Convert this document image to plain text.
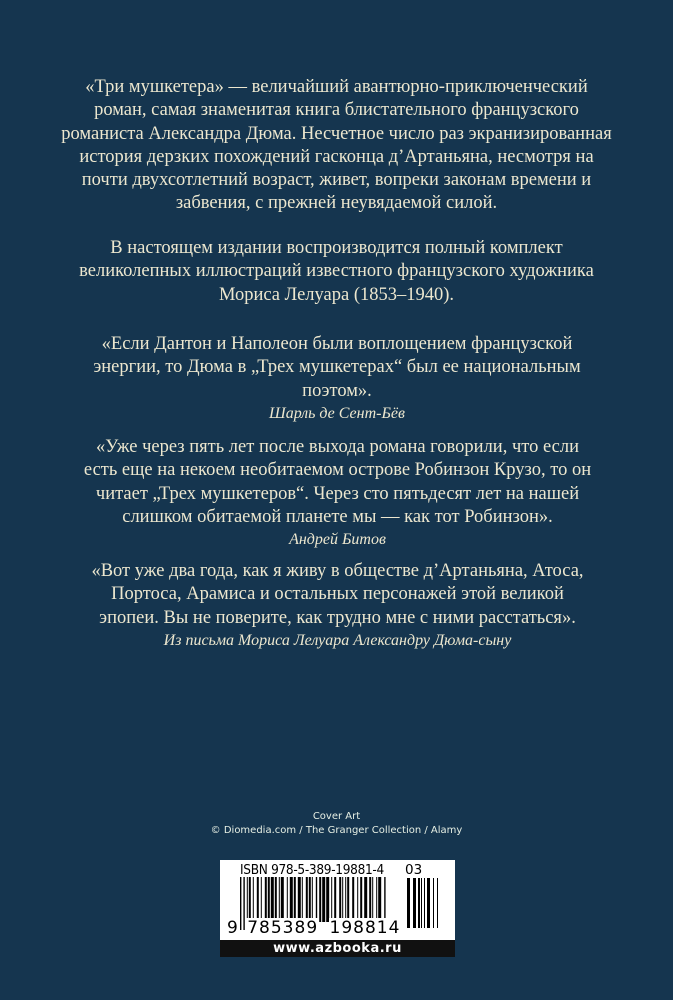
«Три мушкетера» — величайший авантюрно-приключенческий роман, самая знаменитая книга блистательного французского романиста Александра Дюма. Несчетное число раз экранизированная история дерзких похождений гасконца д’Артаньяна, несмотря на почти двухсотлетний возраст, живет, вопреки законам времени и забвения, с прежней неувядаемой силой.

В настоящем издании воспроизводится полный комплект великолепных иллюстраций известного французского художника Мориса Лелуара (1853–1940).

«Если Дантон и Наполеон были воплощением французской энергии, то Дюма в „Трех мушкетерах“ был ее национальным поэтом».

Шарль де Сент-Бёв

«Уже через пять лет после выхода романа говорили, что если есть еще на некоем необитаемом острове Робинзон Крузо, то он читает „Трех мушкетеров“. Через сто пятьдесят лет на нашей слишком обитаемой планете мы — как тот Робинзон».

Андрей Битов

«Вот уже два года, как я живу в обществе д’Артаньяна, Атоса, Портоса, Арамиса и остальных персонажей этой великой эпопеи. Вы не поверите, как трудно мне с ними расстаться».

Из письма Мориса Лелуара Александру Дюма-сыну

Cover Art
© Diomedia.com / The Granger Collection / Alamy
ISBN 978-5-389-19881-4 03
9 785389 198814
www.azbooka.ru
